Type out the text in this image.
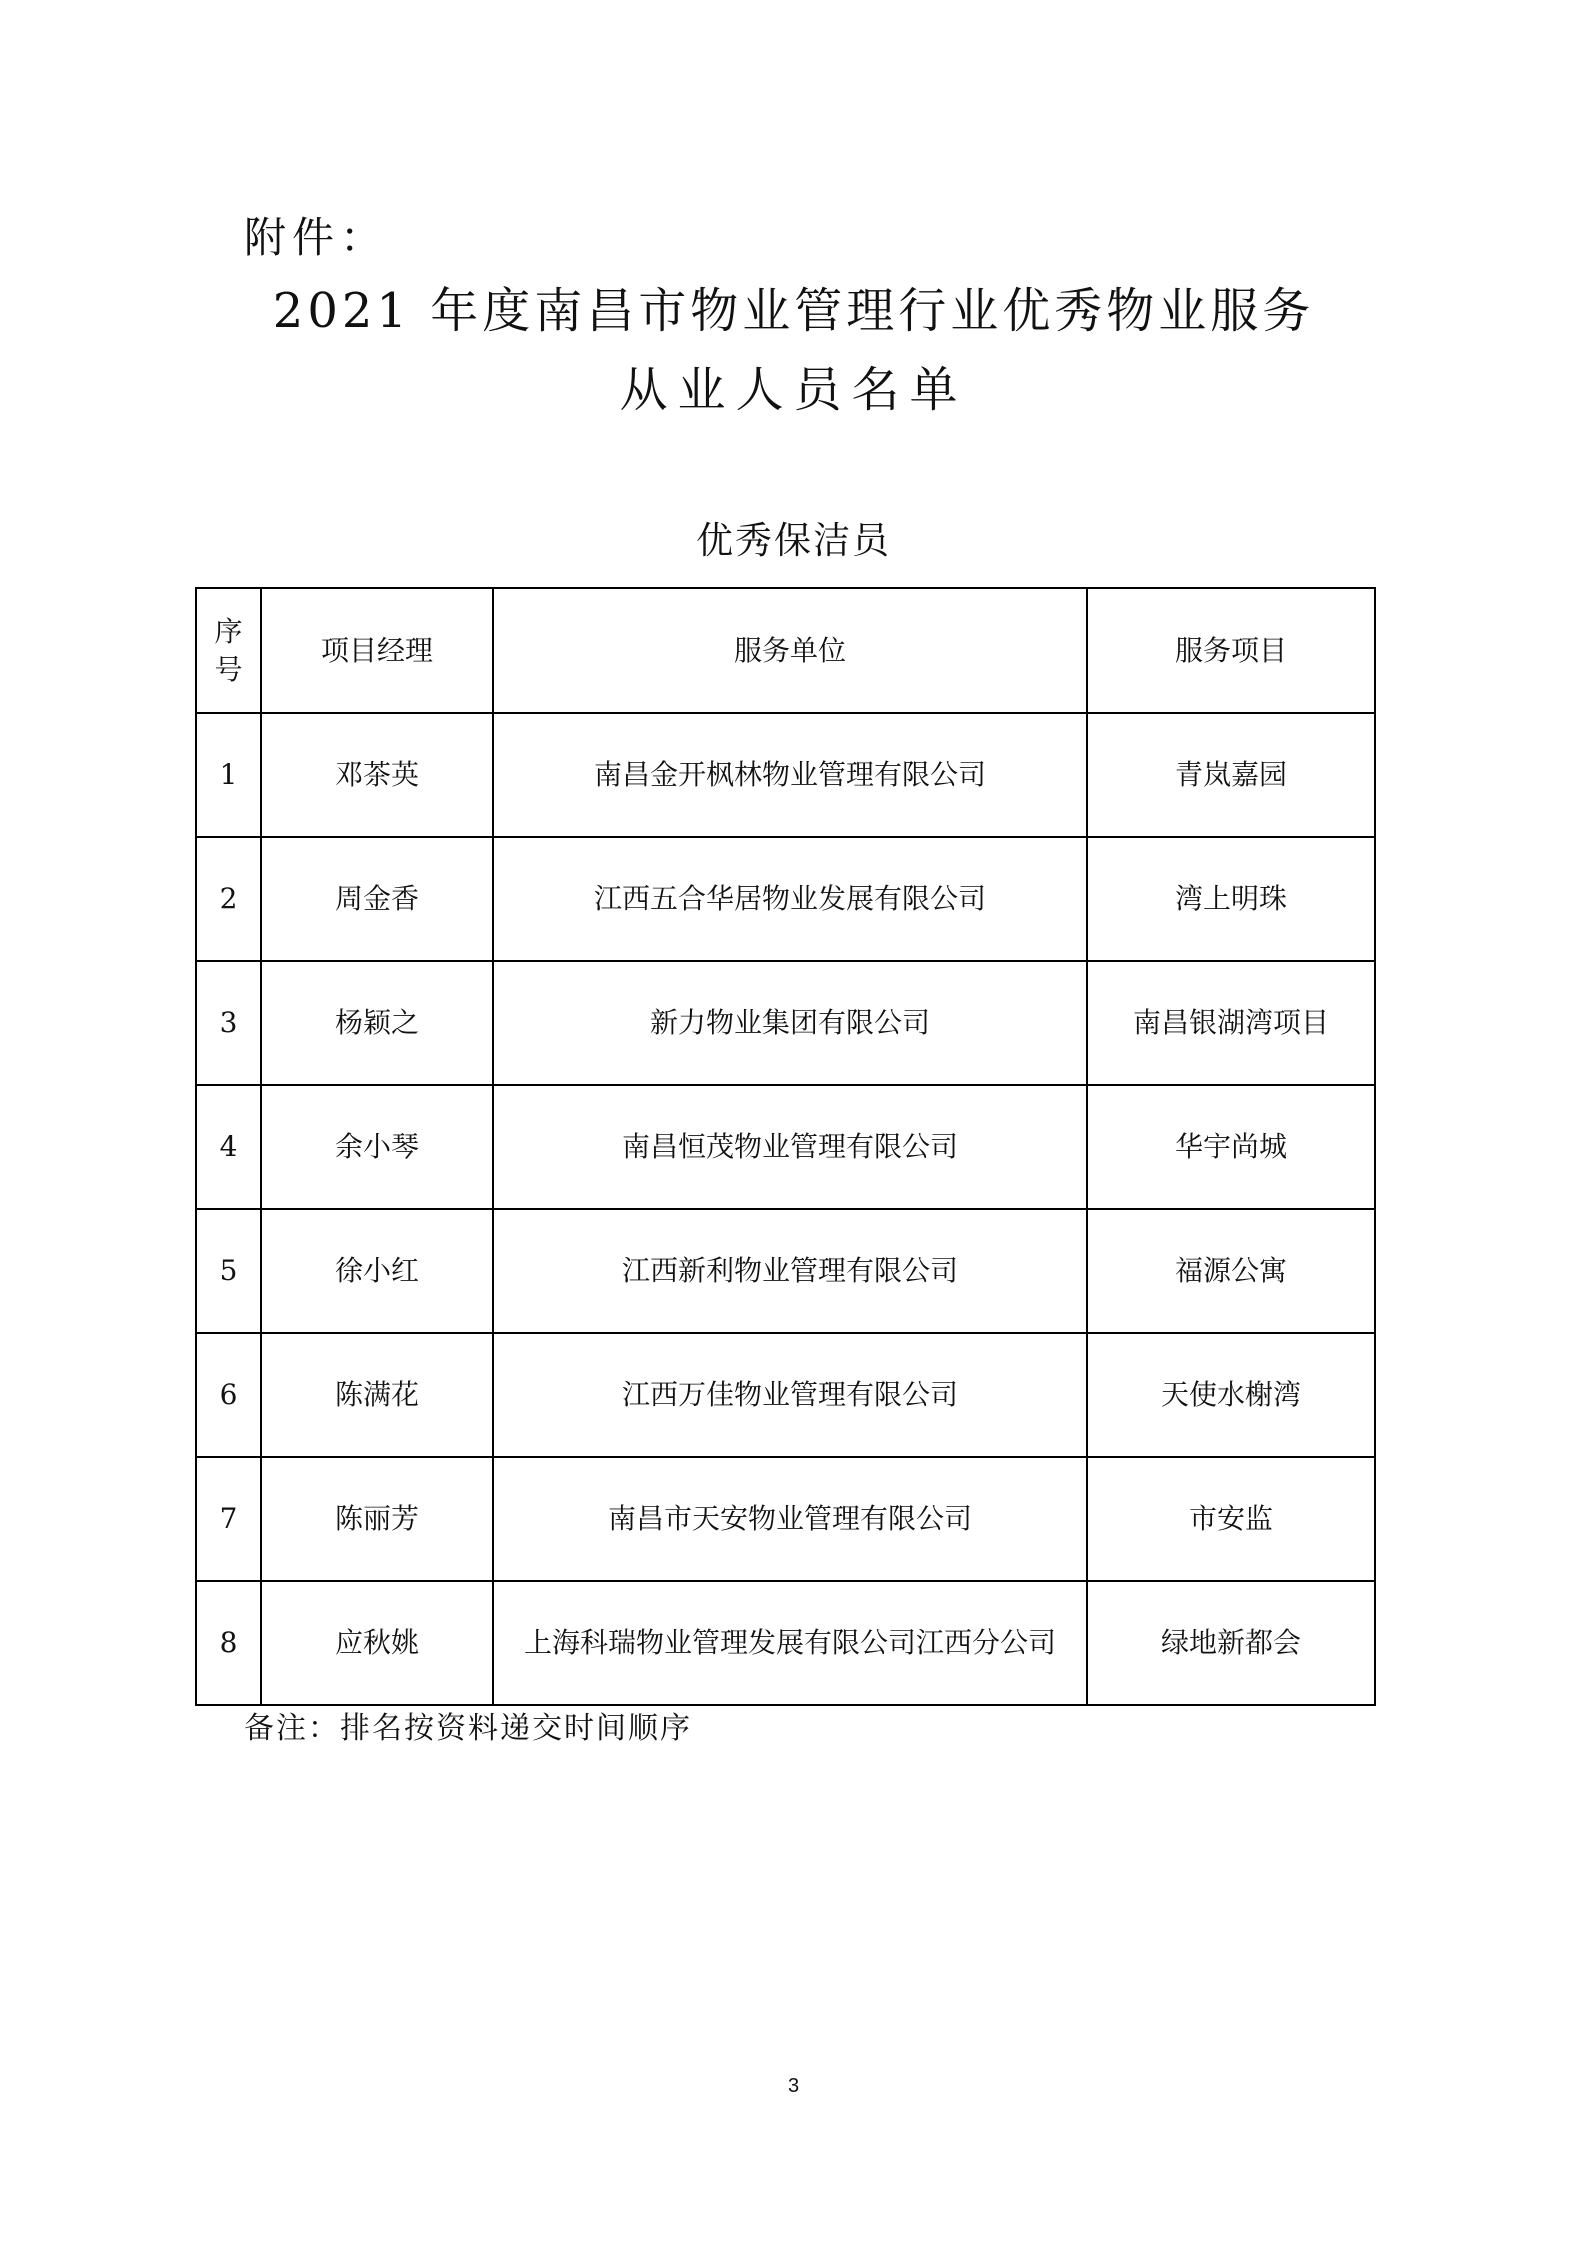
附件：
2021 年度南昌市物业管理行业优秀物业服务
从业人员名单
优秀保洁员
序号	项目经理	服务单位	服务项目
1	邓茶英	南昌金开枫林物业管理有限公司	青岚嘉园
2	周金香	江西五合华居物业发展有限公司	湾上明珠
3	杨颖之	新力物业集团有限公司	南昌银湖湾项目
4	余小琴	南昌恒茂物业管理有限公司	华宇尚城
5	徐小红	江西新利物业管理有限公司	福源公寓
6	陈满花	江西万佳物业管理有限公司	天使水榭湾
7	陈丽芳	南昌市天安物业管理有限公司	市安监
8	应秋姚	上海科瑞物业管理发展有限公司江西分公司	绿地新都会
备注：排名按资料递交时间顺序
3
